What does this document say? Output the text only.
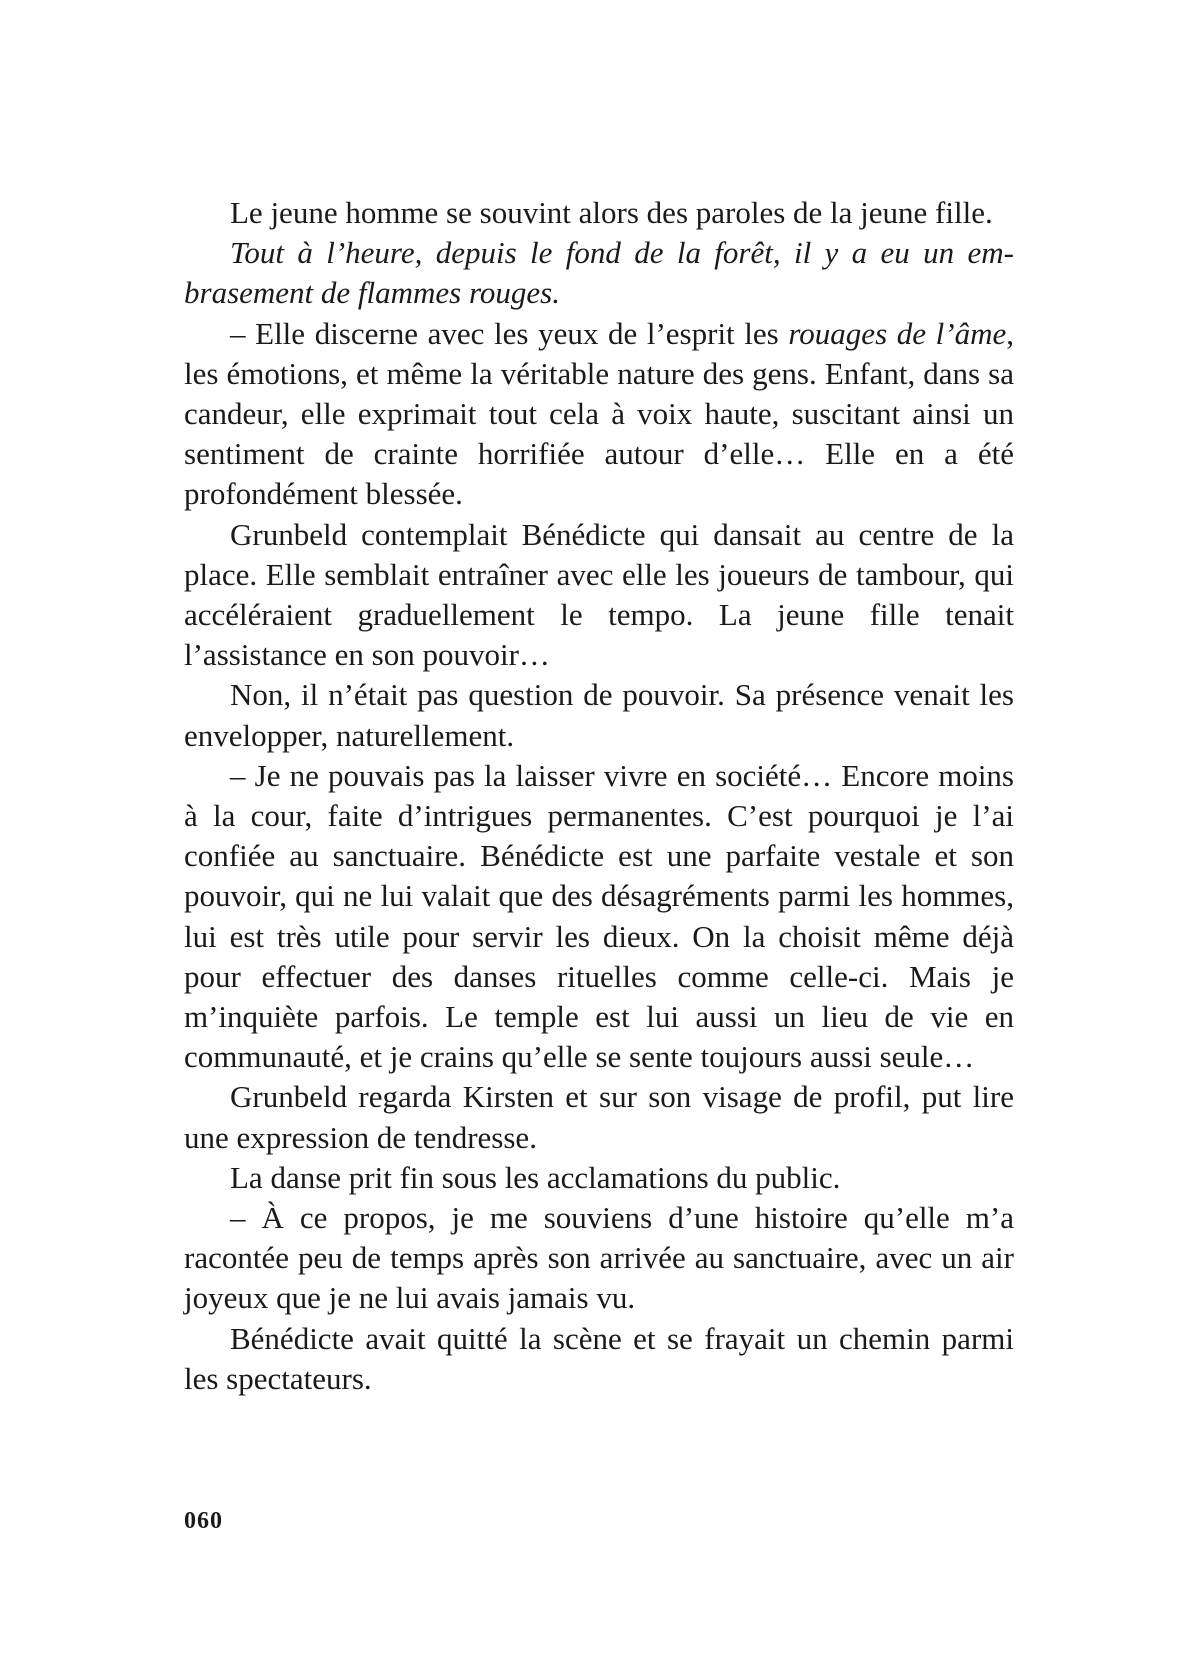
Le jeune homme se souvint alors des paroles de la jeune fille.

Tout à l’heure, depuis le fond de la forêt, il y a eu un embrasement de flammes rouges.

– Elle discerne avec les yeux de l’esprit les rouages de l’âme, les émotions, et même la véritable nature des gens. Enfant, dans sa candeur, elle exprimait tout cela à voix haute, suscitant ainsi un sentiment de crainte horrifiée autour d’elle… Elle en a été profondément blessée.

Grunbeld contemplait Bénédicte qui dansait au centre de la place. Elle semblait entraîner avec elle les joueurs de tambour, qui accéléraient graduellement le tempo. La jeune fille tenait l’assistance en son pouvoir…

Non, il n’était pas question de pouvoir. Sa présence venait les envelopper, naturellement.

– Je ne pouvais pas la laisser vivre en société… Encore moins à la cour, faite d’intrigues permanentes. C’est pourquoi je l’ai confiée au sanctuaire. Bénédicte est une parfaite vestale et son pouvoir, qui ne lui valait que des désagréments parmi les hommes, lui est très utile pour servir les dieux. On la choisit même déjà pour effectuer des danses rituelles comme celle-ci. Mais je m’inquiète parfois. Le temple est lui aussi un lieu de vie en communauté, et je crains qu’elle se sente toujours aussi seule…

Grunbeld regarda Kirsten et sur son visage de profil, put lire une expression de tendresse.

La danse prit fin sous les acclamations du public.

– À ce propos, je me souviens d’une histoire qu’elle m’a racontée peu de temps après son arrivée au sanctuaire, avec un air joyeux que je ne lui avais jamais vu.

Bénédicte avait quitté la scène et se frayait un chemin parmi les spectateurs.

060
